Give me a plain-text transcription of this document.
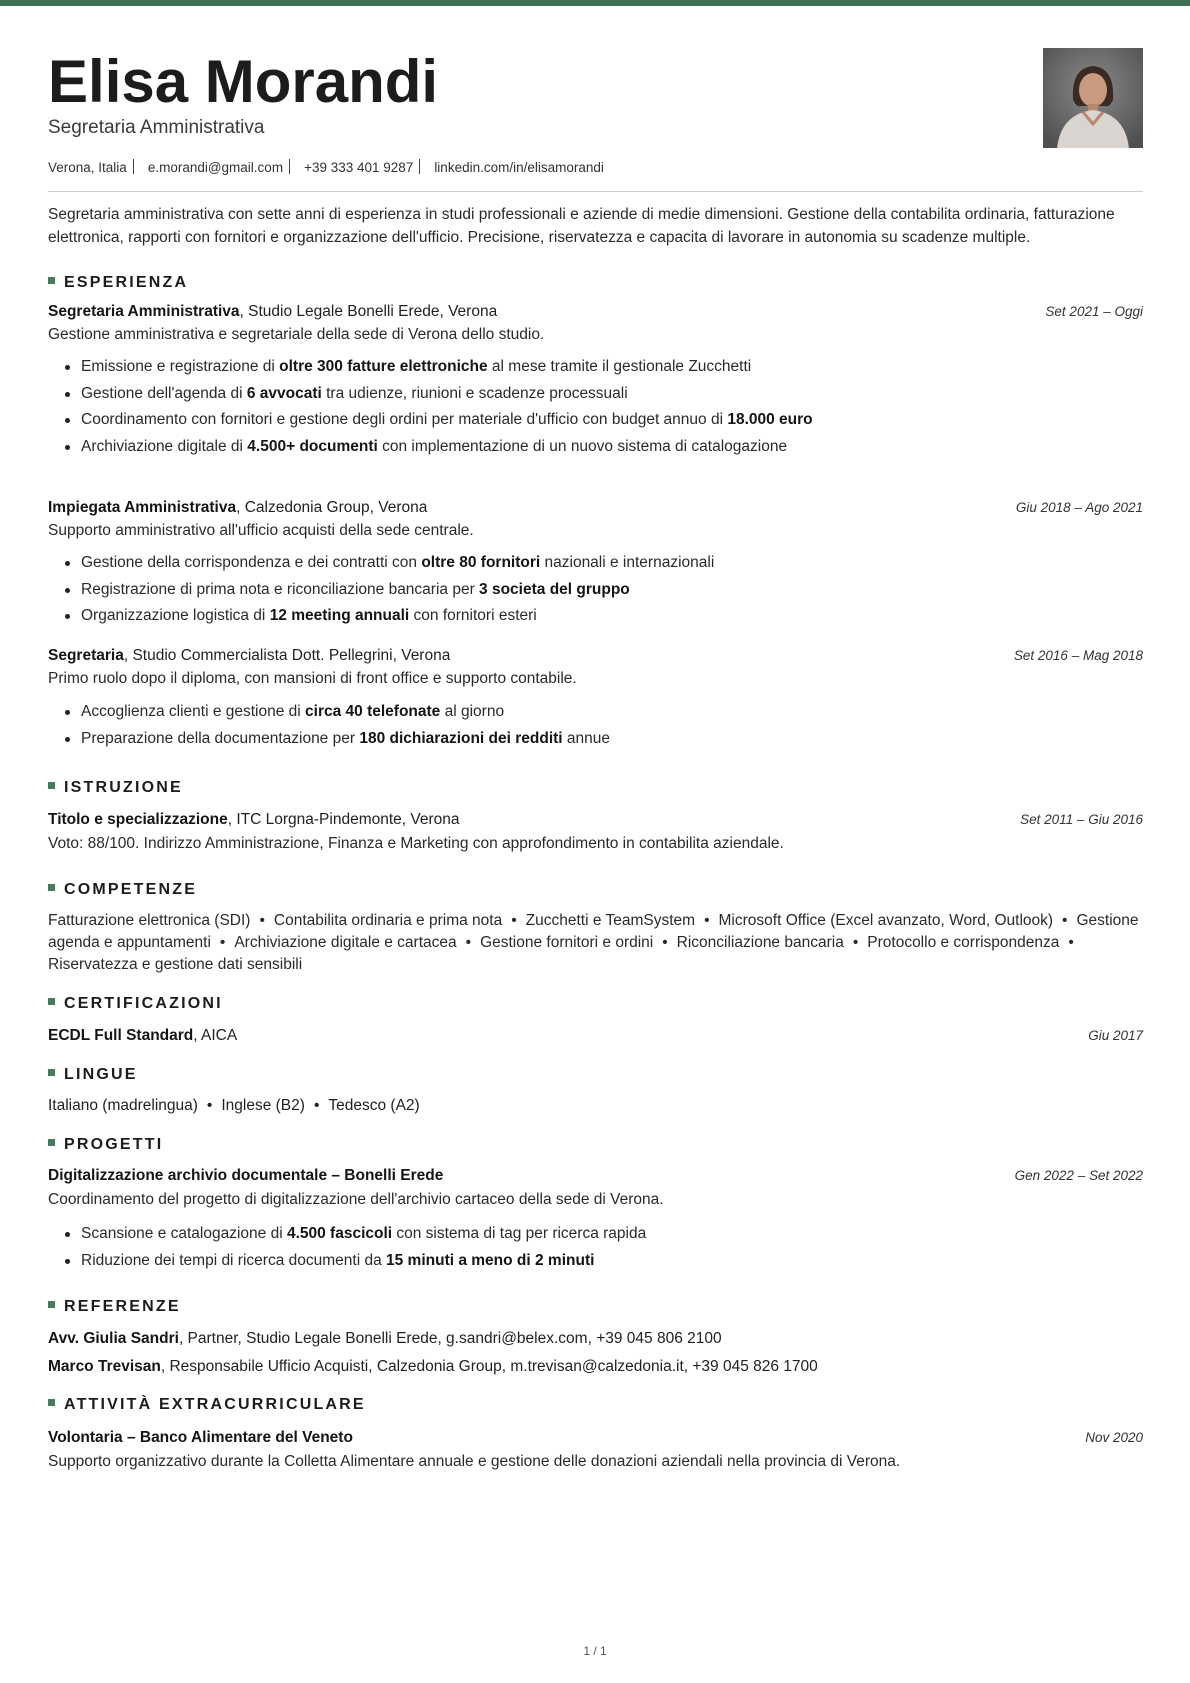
Elisa Morandi
Segretaria Amministrativa
Verona, Italia e.morandi@gmail.com +39 333 401 9287 linkedin.com/in/elisamorandi

Segretaria amministrativa con sette anni di esperienza in studi professionali e aziende di medie dimensioni. Gestione della contabilita ordinaria, fatturazione elettronica, rapporti con fornitori e organizzazione dell'ufficio. Precisione, riservatezza e capacita di lavorare in autonomia su scadenze multiple.

ESPERIENZA
Segretaria Amministrativa, Studio Legale Bonelli Erede, Verona	Set 2021 – Oggi
Gestione amministrativa e segretariale della sede di Verona dello studio.
Emissione e registrazione di oltre 300 fatture elettroniche al mese tramite il gestionale Zucchetti
Gestione dell'agenda di 6 avvocati tra udienze, riunioni e scadenze processuali
Coordinamento con fornitori e gestione degli ordini per materiale d'ufficio con budget annuo di 18.000 euro
Archiviazione digitale di 4.500+ documenti con implementazione di un nuovo sistema di catalogazione
Impiegata Amministrativa, Calzedonia Group, Verona	Giu 2018 – Ago 2021
Supporto amministrativo all'ufficio acquisti della sede centrale.
Gestione della corrispondenza e dei contratti con oltre 80 fornitori nazionali e internazionali
Registrazione di prima nota e riconciliazione bancaria per 3 societa del gruppo
Organizzazione logistica di 12 meeting annuali con fornitori esteri
Segretaria, Studio Commercialista Dott. Pellegrini, Verona	Set 2016 – Mag 2018
Primo ruolo dopo il diploma, con mansioni di front office e supporto contabile.
Accoglienza clienti e gestione di circa 40 telefonate al giorno
Preparazione della documentazione per 180 dichiarazioni dei redditi annue
ISTRUZIONE
Titolo e specializzazione, ITC Lorgna-Pindemonte, Verona	Set 2011 – Giu 2016
Voto: 88/100. Indirizzo Amministrazione, Finanza e Marketing con approfondimento in contabilita aziendale.
COMPETENZE

Fatturazione elettronica (SDI) • Contabilita ordinaria e prima nota • Zucchetti e TeamSystem • Microsoft Office (Excel avanzato, Word, Outlook) • Gestione agenda e appuntamenti • Archiviazione digitale e cartacea • Gestione fornitori e ordini • Riconciliazione bancaria • Protocollo e corrispondenza •Riservatezza e gestione dati sensibili

CERTIFICAZIONI
ECDL Full Standard, AICA	Giu 2017
LINGUE
Italiano (madrelingua) • Inglese (B2) • Tedesco (A2)
PROGETTI
Digitalizzazione archivio documentale – Bonelli Erede	Gen 2022 – Set 2022
Coordinamento del progetto di digitalizzazione dell'archivio cartaceo della sede di Verona.
Scansione e catalogazione di 4.500 fascicoli con sistema di tag per ricerca rapida
Riduzione dei tempi di ricerca documenti da 15 minuti a meno di 2 minuti
REFERENZE
Avv. Giulia Sandri, Partner, Studio Legale Bonelli Erede, g.sandri@belex.com, +39 045 806 2100
Marco Trevisan, Responsabile Ufficio Acquisti, Calzedonia Group, m.trevisan@calzedonia.it, +39 045 826 1700
ATTIVITÀ EXTRACURRICULARE
Volontaria – Banco Alimentare del Veneto	Nov 2020
Supporto organizzativo durante la Colletta Alimentare annuale e gestione delle donazioni aziendali nella provincia di Verona.
1 / 1
